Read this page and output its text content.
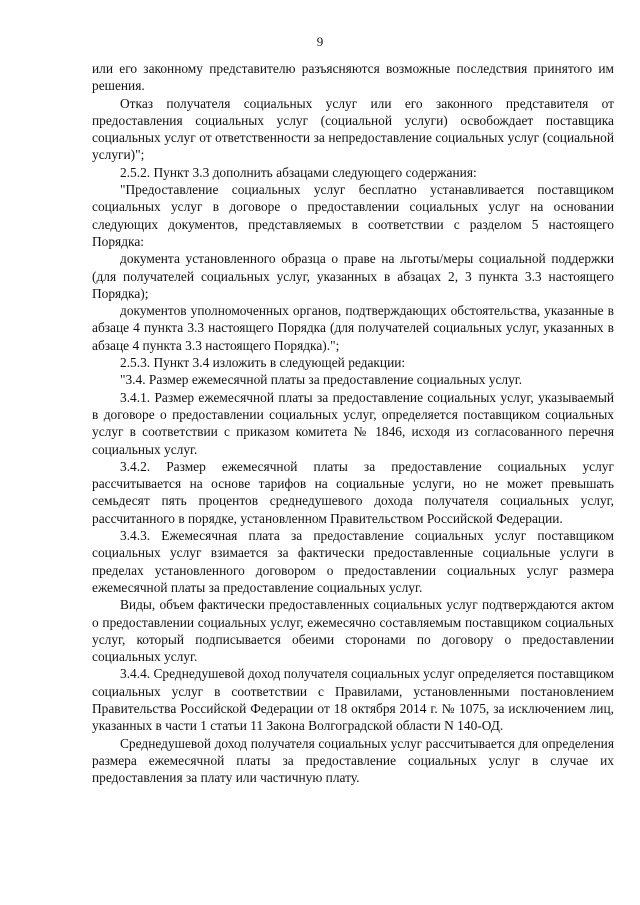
9

или его законному представителю разъясняются возможные последствия принятого им решения.

Отказ получателя социальных услуг или его законного представителя от предоставления социальных услуг (социальной услуги) освобождает поставщика социальных услуг от ответственности за непредоставление социальных услуг (социальной услуги)";

2.5.2. Пункт 3.3 дополнить абзацами следующего содержания:

"Предоставление социальных услуг бесплатно устанавливается поставщиком социальных услуг в договоре о предоставлении социальных услуг на основании следующих документов, представляемых в соответствии с разделом 5 настоящего Порядка:

документа установленного образца о праве на льготы/меры социальной поддержки (для получателей социальных услуг, указанных в абзацах 2, 3 пункта 3.3 настоящего Порядка);

документов уполномоченных органов, подтверждающих обстоятельства, указанные в абзаце 4 пункта 3.3 настоящего Порядка (для получателей социальных услуг, указанных в абзаце 4 пункта 3.3 настоящего Порядка).";

2.5.3. Пункт 3.4 изложить в следующей редакции:

"3.4. Размер ежемесячной платы за предоставление социальных услуг.

3.4.1. Размер ежемесячной платы за предоставление социальных услуг, указываемый в договоре о предоставлении социальных услуг, определяется поставщиком социальных услуг в соответствии с приказом комитета № 1846, исходя из согласованного перечня социальных услуг.

3.4.2. Размер ежемесячной платы за предоставление социальных услуг рассчитывается на основе тарифов на социальные услуги, но не может превышать семьдесят пять процентов среднедушевого дохода получателя социальных услуг, рассчитанного в порядке, установленном Правительством Российской Федерации.

3.4.3. Ежемесячная плата за предоставление социальных услуг поставщиком социальных услуг взимается за фактически предоставленные социальные услуги в пределах установленного договором о предоставлении социальных услуг размера ежемесячной платы за предоставление социальных услуг.

Виды, объем фактически предоставленных социальных услуг подтверждаются актом о предоставлении социальных услуг, ежемесячно составляемым поставщиком социальных услуг, который подписывается обеими сторонами по договору о предоставлении социальных услуг.

3.4.4. Среднедушевой доход получателя социальных услуг определяется поставщиком социальных услуг в соответствии с Правилами, установленными постановлением Правительства Российской Федерации от 18 октября 2014 г. № 1075, за исключением лиц, указанных в части 1 статьи 11 Закона Волгоградской области N 140-ОД.

Среднедушевой доход получателя социальных услуг рассчитывается для определения размера ежемесячной платы за предоставление социальных услуг в случае их предоставления за плату или частичную плату.
